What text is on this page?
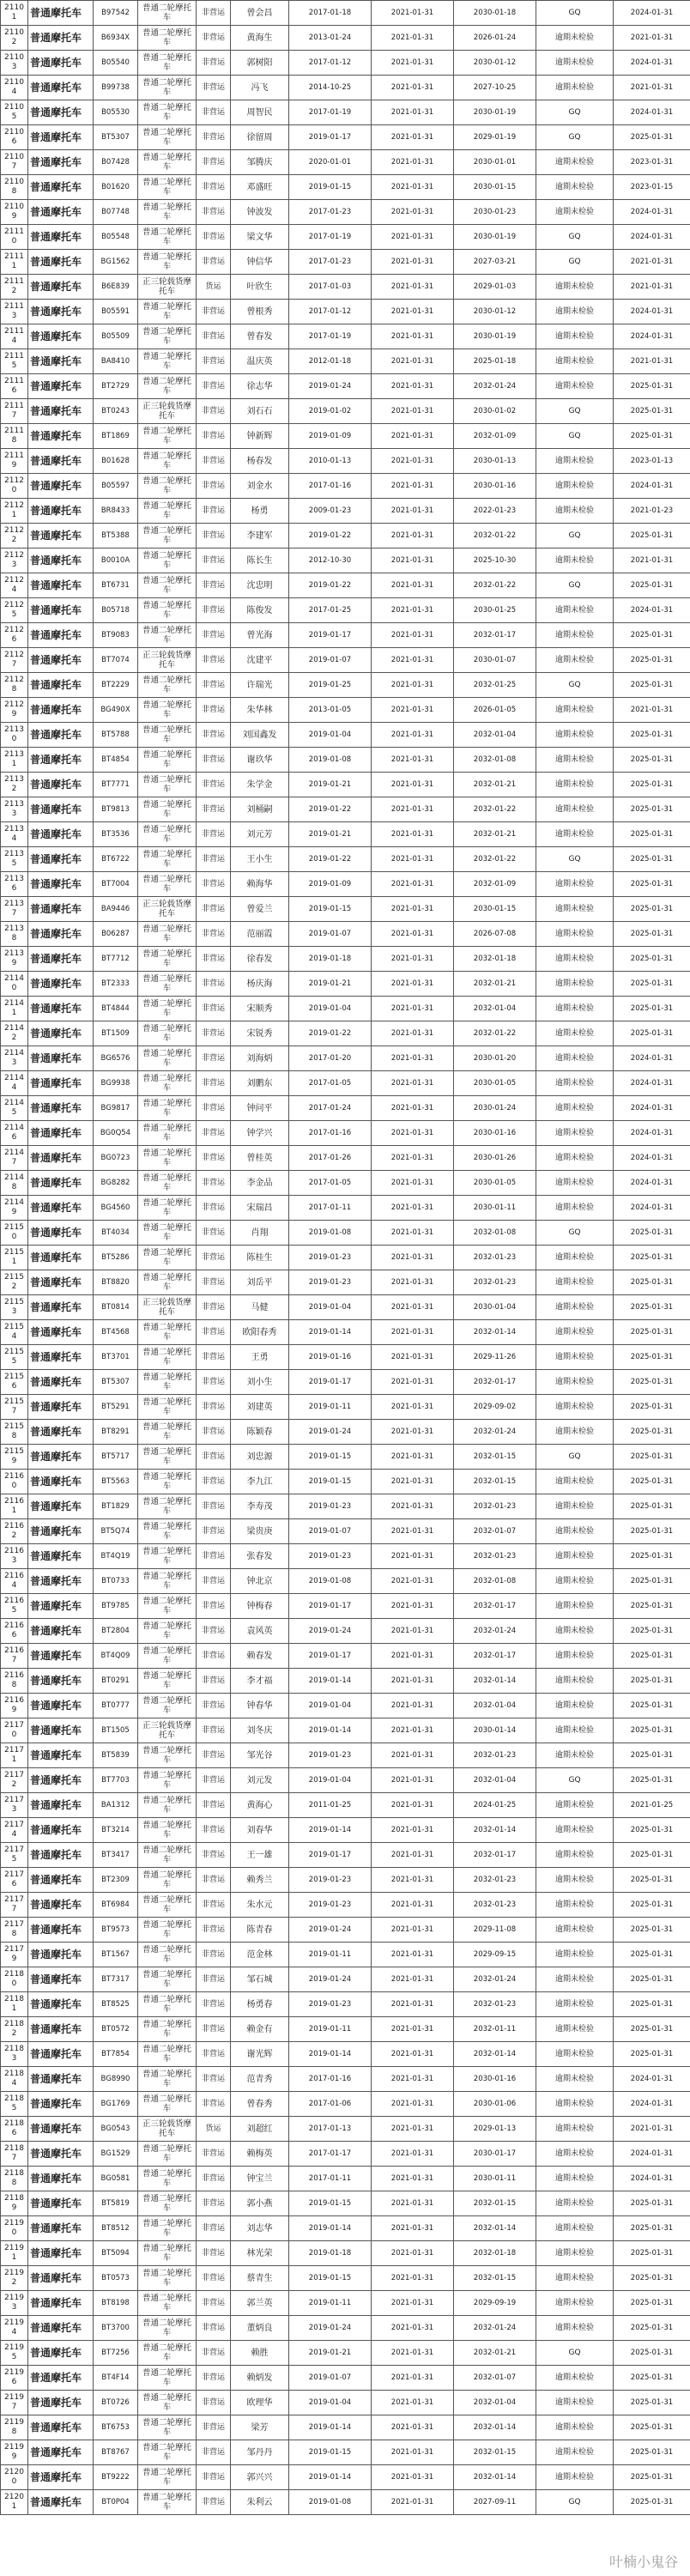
21101	普通摩托车	B97542	普通二轮摩托车	非营运	曾会昌	2017-01-18	2021-01-31	2030-01-18	GQ	2024-01-31
21102	普通摩托车	B6934X	普通二轮摩托车	非营运	黄海生	2013-01-24	2021-01-31	2026-01-24	逾期未检验	2021-01-31
21103	普通摩托车	B05540	普通二轮摩托车	非营运	郭树阳	2017-01-12	2021-01-31	2030-01-12	逾期未检验	2024-01-31
21104	普通摩托车	B99738	普通二轮摩托车	非营运	冯飞	2014-10-25	2021-01-31	2027-10-25	逾期未检验	2021-01-31
21105	普通摩托车	B05530	普通二轮摩托车	非营运	周智民	2017-01-19	2021-01-31	2030-01-19	GQ	2024-01-31
21106	普通摩托车	BT5307	普通二轮摩托车	非营运	徐留周	2019-01-17	2021-01-31	2029-01-19	GQ	2025-01-31
21107	普通摩托车	B07428	普通二轮摩托车	非营运	邹腾庆	2020-01-01	2021-01-31	2030-01-01	逾期未检验	2023-01-31
21108	普通摩托车	B01620	普通二轮摩托车	非营运	邓盛旺	2019-01-15	2021-01-31	2030-01-15	逾期未检验	2023-01-15
21109	普通摩托车	B07748	普通二轮摩托车	非营运	钟波发	2017-01-23	2021-01-31	2030-01-23	逾期未检验	2024-01-31
21110	普通摩托车	B05548	普通二轮摩托车	非营运	梁文华	2017-01-19	2021-01-31	2030-01-19	GQ	2024-01-31
21111	普通摩托车	BG1562	普通二轮摩托车	非营运	钟信华	2017-01-23	2021-01-31	2027-03-21	GQ	2021-01-31
21112	普通摩托车	B6E839	正三轮载货摩托车	货运	叶欣生	2017-01-03	2021-01-31	2029-01-03	逾期未检验	2021-01-31
21113	普通摩托车	B05591	普通二轮摩托车	非营运	曾根秀	2017-01-12	2021-01-31	2030-01-12	逾期未检验	2024-01-31
21114	普通摩托车	B05509	普通二轮摩托车	非营运	曾春发	2017-01-19	2021-01-31	2030-01-19	逾期未检验	2024-01-31
21115	普通摩托车	BA8410	普通二轮摩托车	非营运	温庆英	2012-01-18	2021-01-31	2025-01-18	逾期未检验	2021-01-31
21116	普通摩托车	BT2729	普通二轮摩托车	非营运	徐志华	2019-01-24	2021-01-31	2032-01-24	逾期未检验	2025-01-31
21117	普通摩托车	BT0243	正三轮载货摩托车	非营运	刘石石	2019-01-02	2021-01-31	2030-01-02	GQ	2025-01-31
21118	普通摩托车	BT1869	普通二轮摩托车	非营运	钟新辉	2019-01-09	2021-01-31	2032-01-09	GQ	2025-01-31
21119	普通摩托车	B01628	普通二轮摩托车	非营运	杨春发	2010-01-13	2021-01-31	2030-01-13	逾期未检验	2023-01-13
21120	普通摩托车	B05597	普通二轮摩托车	非营运	刘金水	2017-01-16	2021-01-31	2030-01-16	逾期未检验	2024-01-31
21121	普通摩托车	BR8433	普通二轮摩托车	非营运	杨勇	2009-01-23	2021-01-31	2022-01-23	逾期未检验	2021-01-23
21122	普通摩托车	BT5388	普通二轮摩托车	非营运	李建军	2019-01-22	2021-01-31	2032-01-22	GQ	2025-01-31
21123	普通摩托车	B0010A	普通二轮摩托车	非营运	陈长生	2012-10-30	2021-01-31	2025-10-30	逾期未检验	2021-01-31
21124	普通摩托车	BT6731	普通二轮摩托车	非营运	沈忠明	2019-01-22	2021-01-31	2032-01-22	GQ	2025-01-31
21125	普通摩托车	B05718	普通二轮摩托车	非营运	陈俊发	2017-01-25	2021-01-31	2030-01-25	逾期未检验	2024-01-31
21126	普通摩托车	BT9083	普通二轮摩托车	非营运	曾光海	2019-01-17	2021-01-31	2032-01-17	逾期未检验	2025-01-31
21127	普通摩托车	BT7074	正三轮载货摩托车	非营运	沈建平	2019-01-07	2021-01-31	2030-01-07	逾期未检验	2025-01-31
21128	普通摩托车	BT2229	普通二轮摩托车	非营运	许瑞光	2019-01-25	2021-01-31	2032-01-25	GQ	2025-01-31
21129	普通摩托车	BG490X	普通二轮摩托车	非营运	朱华林	2013-01-05	2021-01-31	2026-01-05	逾期未检验	2021-01-31
21130	普通摩托车	BT5788	普通二轮摩托车	非营运	刘国鑫发	2019-01-04	2021-01-31	2032-01-04	逾期未检验	2025-01-31
21131	普通摩托车	BT4854	普通二轮摩托车	非营运	谢玖华	2019-01-08	2021-01-31	2032-01-08	逾期未检验	2025-01-31
21132	普通摩托车	BT7771	普通二轮摩托车	非营运	朱学金	2019-01-21	2021-01-31	2032-01-21	逾期未检验	2025-01-31
21133	普通摩托车	BT9813	普通二轮摩托车	非营运	刘桶嗣	2019-01-22	2021-01-31	2032-01-22	逾期未检验	2025-01-31
21134	普通摩托车	BT3536	普通二轮摩托车	非营运	刘元芳	2019-01-21	2021-01-31	2032-01-21	逾期未检验	2025-01-31
21135	普通摩托车	BT6722	普通二轮摩托车	非营运	王小生	2019-01-22	2021-01-31	2032-01-22	GQ	2025-01-31
21136	普通摩托车	BT7004	普通二轮摩托车	非营运	赖海华	2019-01-09	2021-01-31	2032-01-09	逾期未检验	2025-01-31
21137	普通摩托车	BA9446	正三轮载货摩托车	非营运	曾爱兰	2019-01-15	2021-01-31	2030-01-15	逾期未检验	2025-01-31
21138	普通摩托车	B06287	普通二轮摩托车	非营运	范丽霞	2019-01-07	2021-01-31	2026-07-08	逾期未检验	2025-01-31
21139	普通摩托车	BT7712	普通二轮摩托车	非营运	徐春发	2019-01-18	2021-01-31	2032-01-18	逾期未检验	2025-01-31
21140	普通摩托车	BT2333	普通二轮摩托车	非营运	杨庆海	2019-01-21	2021-01-31	2032-01-21	逾期未检验	2025-01-31
21141	普通摩托车	BT4844	普通二轮摩托车	非营运	宋顺秀	2019-01-04	2021-01-31	2032-01-04	逾期未检验	2025-01-31
21142	普通摩托车	BT1509	普通二轮摩托车	非营运	宋锐秀	2019-01-22	2021-01-31	2032-01-22	逾期未检验	2025-01-31
21143	普通摩托车	BG6576	普通二轮摩托车	非营运	刘海炳	2017-01-20	2021-01-31	2030-01-20	逾期未检验	2024-01-31
21144	普通摩托车	BG9938	普通二轮摩托车	非营运	刘鹏东	2017-01-05	2021-01-31	2030-01-05	逾期未检验	2024-01-31
21145	普通摩托车	BG9817	普通二轮摩托车	非营运	钟问平	2017-01-24	2021-01-31	2030-01-24	逾期未检验	2024-01-31
21146	普通摩托车	BG0Q54	普通二轮摩托车	非营运	钟学兴	2017-01-16	2021-01-31	2030-01-16	逾期未检验	2024-01-31
21147	普通摩托车	BG0723	普通二轮摩托车	非营运	曾桂英	2017-01-26	2021-01-31	2030-01-26	逾期未检验	2024-01-31
21148	普通摩托车	BG8282	普通二轮摩托车	非营运	李金品	2017-01-05	2021-01-31	2030-01-05	逾期未检验	2024-01-31
21149	普通摩托车	BG4560	普通二轮摩托车	非营运	宋瑞昌	2017-01-11	2021-01-31	2030-01-11	逾期未检验	2024-01-31
21150	普通摩托车	BT4034	普通二轮摩托车	非营运	肖翔	2019-01-08	2021-01-31	2032-01-08	GQ	2025-01-31
21151	普通摩托车	BT5286	普通二轮摩托车	非营运	陈桂生	2019-01-23	2021-01-31	2032-01-23	逾期未检验	2025-01-31
21152	普通摩托车	BT8820	普通二轮摩托车	非营运	刘岳平	2019-01-23	2021-01-31	2032-01-23	逾期未检验	2025-01-31
21153	普通摩托车	BT0814	正三轮载货摩托车	非营运	马健	2019-01-04	2021-01-31	2030-01-04	逾期未检验	2025-01-31
21154	普通摩托车	BT4568	普通二轮摩托车	非营运	欧阳春秀	2019-01-14	2021-01-31	2032-01-14	逾期未检验	2025-01-31
21155	普通摩托车	BT3701	普通二轮摩托车	非营运	王勇	2019-01-16	2021-01-31	2029-11-26	逾期未检验	2025-01-31
21156	普通摩托车	BT5307	普通二轮摩托车	非营运	刘小生	2019-01-17	2021-01-31	2032-01-17	逾期未检验	2025-01-31
21157	普通摩托车	BT5291	普通二轮摩托车	非营运	刘建英	2019-01-11	2021-01-31	2029-09-02	逾期未检验	2025-01-31
21158	普通摩托车	BT8291	普通二轮摩托车	非营运	陈颖春	2019-01-24	2021-01-31	2032-01-24	逾期未检验	2025-01-31
21159	普通摩托车	BT5717	普通二轮摩托车	非营运	刘忠源	2019-01-15	2021-01-31	2032-01-15	GQ	2025-01-31
21160	普通摩托车	BT5563	普通二轮摩托车	非营运	李九江	2019-01-15	2021-01-31	2032-01-15	逾期未检验	2025-01-31
21161	普通摩托车	BT1829	普通二轮摩托车	非营运	李寿茂	2019-01-23	2021-01-31	2032-01-23	逾期未检验	2025-01-31
21162	普通摩托车	BT5Q74	普通二轮摩托车	非营运	梁贵庚	2019-01-07	2021-01-31	2032-01-07	逾期未检验	2025-01-31
21163	普通摩托车	BT4Q19	普通二轮摩托车	非营运	张春发	2019-01-23	2021-01-31	2032-01-23	逾期未检验	2025-01-31
21164	普通摩托车	BT0733	普通二轮摩托车	非营运	钟北京	2019-01-08	2021-01-31	2032-01-08	逾期未检验	2025-01-31
21165	普通摩托车	BT9785	普通二轮摩托车	非营运	钟梅春	2019-01-17	2021-01-31	2032-01-17	逾期未检验	2025-01-31
21166	普通摩托车	BT2804	普通二轮摩托车	非营运	袁风英	2019-01-24	2021-01-31	2032-01-24	逾期未检验	2025-01-31
21167	普通摩托车	BT4Q09	普通二轮摩托车	非营运	赖春发	2019-01-17	2021-01-31	2032-01-17	逾期未检验	2025-01-31
21168	普通摩托车	BT0291	普通二轮摩托车	非营运	李才福	2019-01-14	2021-01-31	2032-01-14	逾期未检验	2025-01-31
21169	普通摩托车	BT0777	普通二轮摩托车	非营运	钟春华	2019-01-04	2021-01-31	2032-01-04	逾期未检验	2025-01-31
21170	普通摩托车	BT1505	正三轮载货摩托车	非营运	刘冬庆	2019-01-14	2021-01-31	2030-01-14	逾期未检验	2025-01-31
21171	普通摩托车	BT5839	普通二轮摩托车	非营运	邹光谷	2019-01-23	2021-01-31	2032-01-23	逾期未检验	2025-01-31
21172	普通摩托车	BT7703	普通二轮摩托车	非营运	刘元发	2019-01-04	2021-01-31	2032-01-04	GQ	2025-01-31
21173	普通摩托车	BA1312	普通二轮摩托车	非营运	黄海心	2011-01-25	2021-01-31	2024-01-25	逾期未检验	2021-01-25
21174	普通摩托车	BT3214	普通二轮摩托车	非营运	刘春华	2019-01-14	2021-01-31	2032-01-14	逾期未检验	2025-01-31
21175	普通摩托车	BT3417	普通二轮摩托车	非营运	王一雄	2019-01-17	2021-01-31	2032-01-17	逾期未检验	2025-01-31
21176	普通摩托车	BT2309	普通二轮摩托车	非营运	赖秀兰	2019-01-23	2021-01-31	2032-01-23	逾期未检验	2025-01-31
21177	普通摩托车	BT6984	普通二轮摩托车	非营运	朱水元	2019-01-23	2021-01-31	2032-01-23	逾期未检验	2025-01-31
21178	普通摩托车	BT9573	普通二轮摩托车	非营运	陈青春	2019-01-24	2021-01-31	2029-11-08	逾期未检验	2025-01-31
21179	普通摩托车	BT1567	普通二轮摩托车	非营运	范金林	2019-01-11	2021-01-31	2029-09-15	逾期未检验	2025-01-31
21180	普通摩托车	BT7317	普通二轮摩托车	非营运	邹石城	2019-01-24	2021-01-31	2032-01-24	逾期未检验	2025-01-31
21181	普通摩托车	BT8525	普通二轮摩托车	非营运	杨勇春	2019-01-23	2021-01-31	2032-01-23	逾期未检验	2025-01-31
21182	普通摩托车	BT0572	普通二轮摩托车	非营运	赖金有	2019-01-11	2021-01-31	2032-01-11	逾期未检验	2025-01-31
21183	普通摩托车	BT7854	普通二轮摩托车	非营运	谢光辉	2019-01-14	2021-01-31	2032-01-14	逾期未检验	2025-01-31
21184	普通摩托车	BG8990	普通二轮摩托车	非营运	范青秀	2017-01-16	2021-01-31	2030-01-16	逾期未检验	2024-01-31
21185	普通摩托车	BG1769	普通二轮摩托车	非营运	曾春秀	2017-01-06	2021-01-31	2030-01-06	逾期未检验	2024-01-31
21186	普通摩托车	BG0543	正三轮载货摩托车	货运	刘超红	2017-01-13	2021-01-31	2029-01-13	逾期未检验	2021-01-31
21187	普通摩托车	BG1529	普通二轮摩托车	非营运	赖梅英	2017-01-17	2021-01-31	2030-01-17	逾期未检验	2024-01-31
21188	普通摩托车	BG0581	普通二轮摩托车	非营运	钟宝兰	2017-01-11	2021-01-31	2030-01-11	逾期未检验	2024-01-31
21189	普通摩托车	BT5819	普通二轮摩托车	非营运	郭小燕	2019-01-15	2021-01-31	2032-01-15	逾期未检验	2025-01-31
21190	普通摩托车	BT8512	普通二轮摩托车	非营运	刘志华	2019-01-14	2021-01-31	2032-01-14	逾期未检验	2025-01-31
21191	普通摩托车	BT5094	普通二轮摩托车	非营运	林光荣	2019-01-18	2021-01-31	2032-01-18	逾期未检验	2025-01-31
21192	普通摩托车	BT0573	普通二轮摩托车	非营运	蔡青生	2019-01-15	2021-01-31	2032-01-15	逾期未检验	2025-01-31
21193	普通摩托车	BT8198	普通二轮摩托车	非营运	郭兰英	2019-01-11	2021-01-31	2029-09-19	逾期未检验	2025-01-31
21194	普通摩托车	BT3700	普通二轮摩托车	非营运	董炳良	2019-01-24	2021-01-31	2032-01-24	逾期未检验	2025-01-31
21195	普通摩托车	BT7256	普通二轮摩托车	非营运	赖胜	2019-01-21	2021-01-31	2032-01-21	GQ	2025-01-31
21196	普通摩托车	BT4F14	普通二轮摩托车	非营运	赖炳发	2019-01-07	2021-01-31	2032-01-07	逾期未检验	2025-01-31
21197	普通摩托车	BT0726	普通二轮摩托车	非营运	欧理华	2019-01-04	2021-01-31	2032-01-04	逾期未检验	2025-01-31
21198	普通摩托车	BT6753	普通二轮摩托车	非营运	梁芳	2019-01-14	2021-01-31	2032-01-14	逾期未检验	2025-01-31
21199	普通摩托车	BT8767	普通二轮摩托车	非营运	邹丹丹	2019-01-15	2021-01-31	2032-01-15	逾期未检验	2025-01-31
21200	普通摩托车	BT9222	普通二轮摩托车	非营运	郭兴兴	2019-01-14	2021-01-31	2032-01-14	逾期未检验	2025-01-31
21201	普通摩托车	BT0P04	普通二轮摩托车	非营运	朱利云	2019-01-08	2021-01-31	2027-09-11	GQ	2025-01-31
叶楠小鬼谷
